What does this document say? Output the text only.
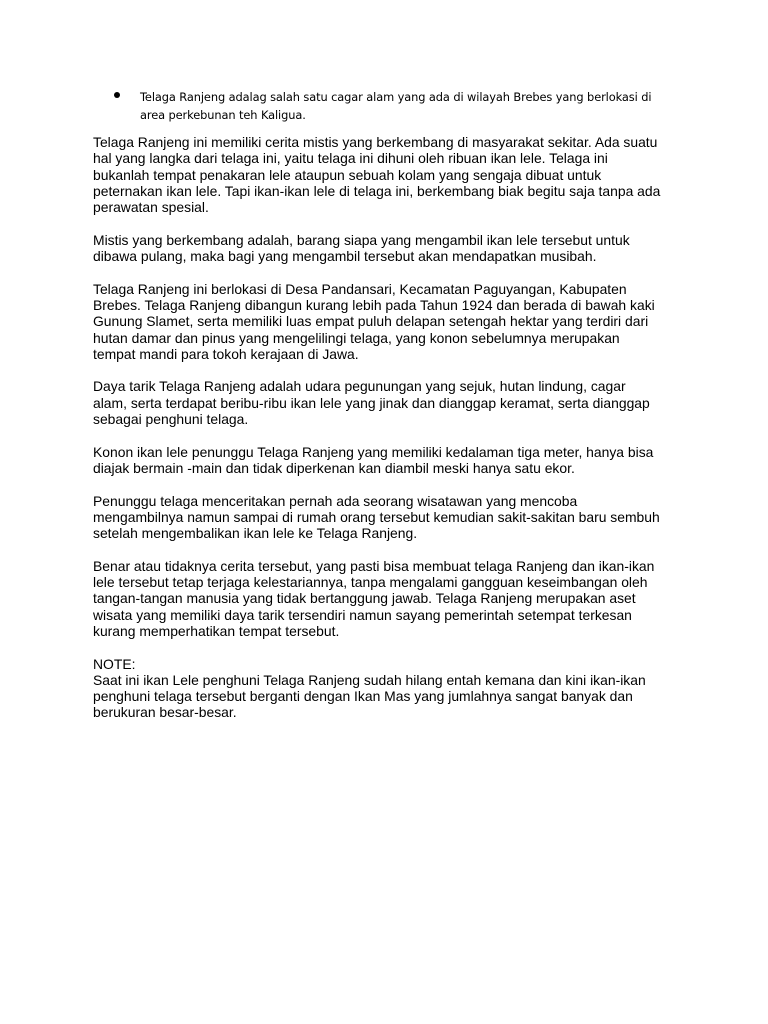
Telaga Ranjeng adalag salah satu cagar alam yang ada di wilayah Brebes yang berlokasi di
area perkebunan teh Kaligua.

Telaga Ranjeng ini memiliki cerita mistis yang berkembang di masyarakat sekitar. Ada suatu
hal yang langka dari telaga ini, yaitu telaga ini dihuni oleh ribuan ikan lele. Telaga ini
bukanlah tempat penakaran lele ataupun sebuah kolam yang sengaja dibuat untuk
peternakan ikan lele. Tapi ikan-ikan lele di telaga ini, berkembang biak begitu saja tanpa ada
perawatan spesial.

Mistis yang berkembang adalah, barang siapa yang mengambil ikan lele tersebut untuk
dibawa pulang, maka bagi yang mengambil tersebut akan mendapatkan musibah.

Telaga Ranjeng ini berlokasi di Desa Pandansari, Kecamatan Paguyangan, Kabupaten
Brebes. Telaga Ranjeng dibangun kurang lebih pada Tahun 1924 dan berada di bawah kaki
Gunung Slamet, serta memiliki luas empat puluh delapan setengah hektar yang terdiri dari
hutan damar dan pinus yang mengelilingi telaga, yang konon sebelumnya merupakan
tempat mandi para tokoh kerajaan di Jawa.

Daya tarik Telaga Ranjeng adalah udara pegunungan yang sejuk, hutan lindung, cagar
alam, serta terdapat beribu-ribu ikan lele yang jinak dan dianggap keramat, serta dianggap
sebagai penghuni telaga.

Konon ikan lele penunggu Telaga Ranjeng yang memiliki kedalaman tiga meter, hanya bisa
diajak bermain -main dan tidak diperkenan kan diambil meski hanya satu ekor.

Penunggu telaga menceritakan pernah ada seorang wisatawan yang mencoba
mengambilnya namun sampai di rumah orang tersebut kemudian sakit-sakitan baru sembuh
setelah mengembalikan ikan lele ke Telaga Ranjeng.

Benar atau tidaknya cerita tersebut, yang pasti bisa membuat telaga Ranjeng dan ikan-ikan
lele tersebut tetap terjaga kelestariannya, tanpa mengalami gangguan keseimbangan oleh
tangan-tangan manusia yang tidak bertanggung jawab. Telaga Ranjeng merupakan aset
wisata yang memiliki daya tarik tersendiri namun sayang pemerintah setempat terkesan
kurang memperhatikan tempat tersebut.

NOTE:

Saat ini ikan Lele penghuni Telaga Ranjeng sudah hilang entah kemana dan kini ikan-ikan
penghuni telaga tersebut berganti dengan Ikan Mas yang jumlahnya sangat banyak dan
berukuran besar-besar.
